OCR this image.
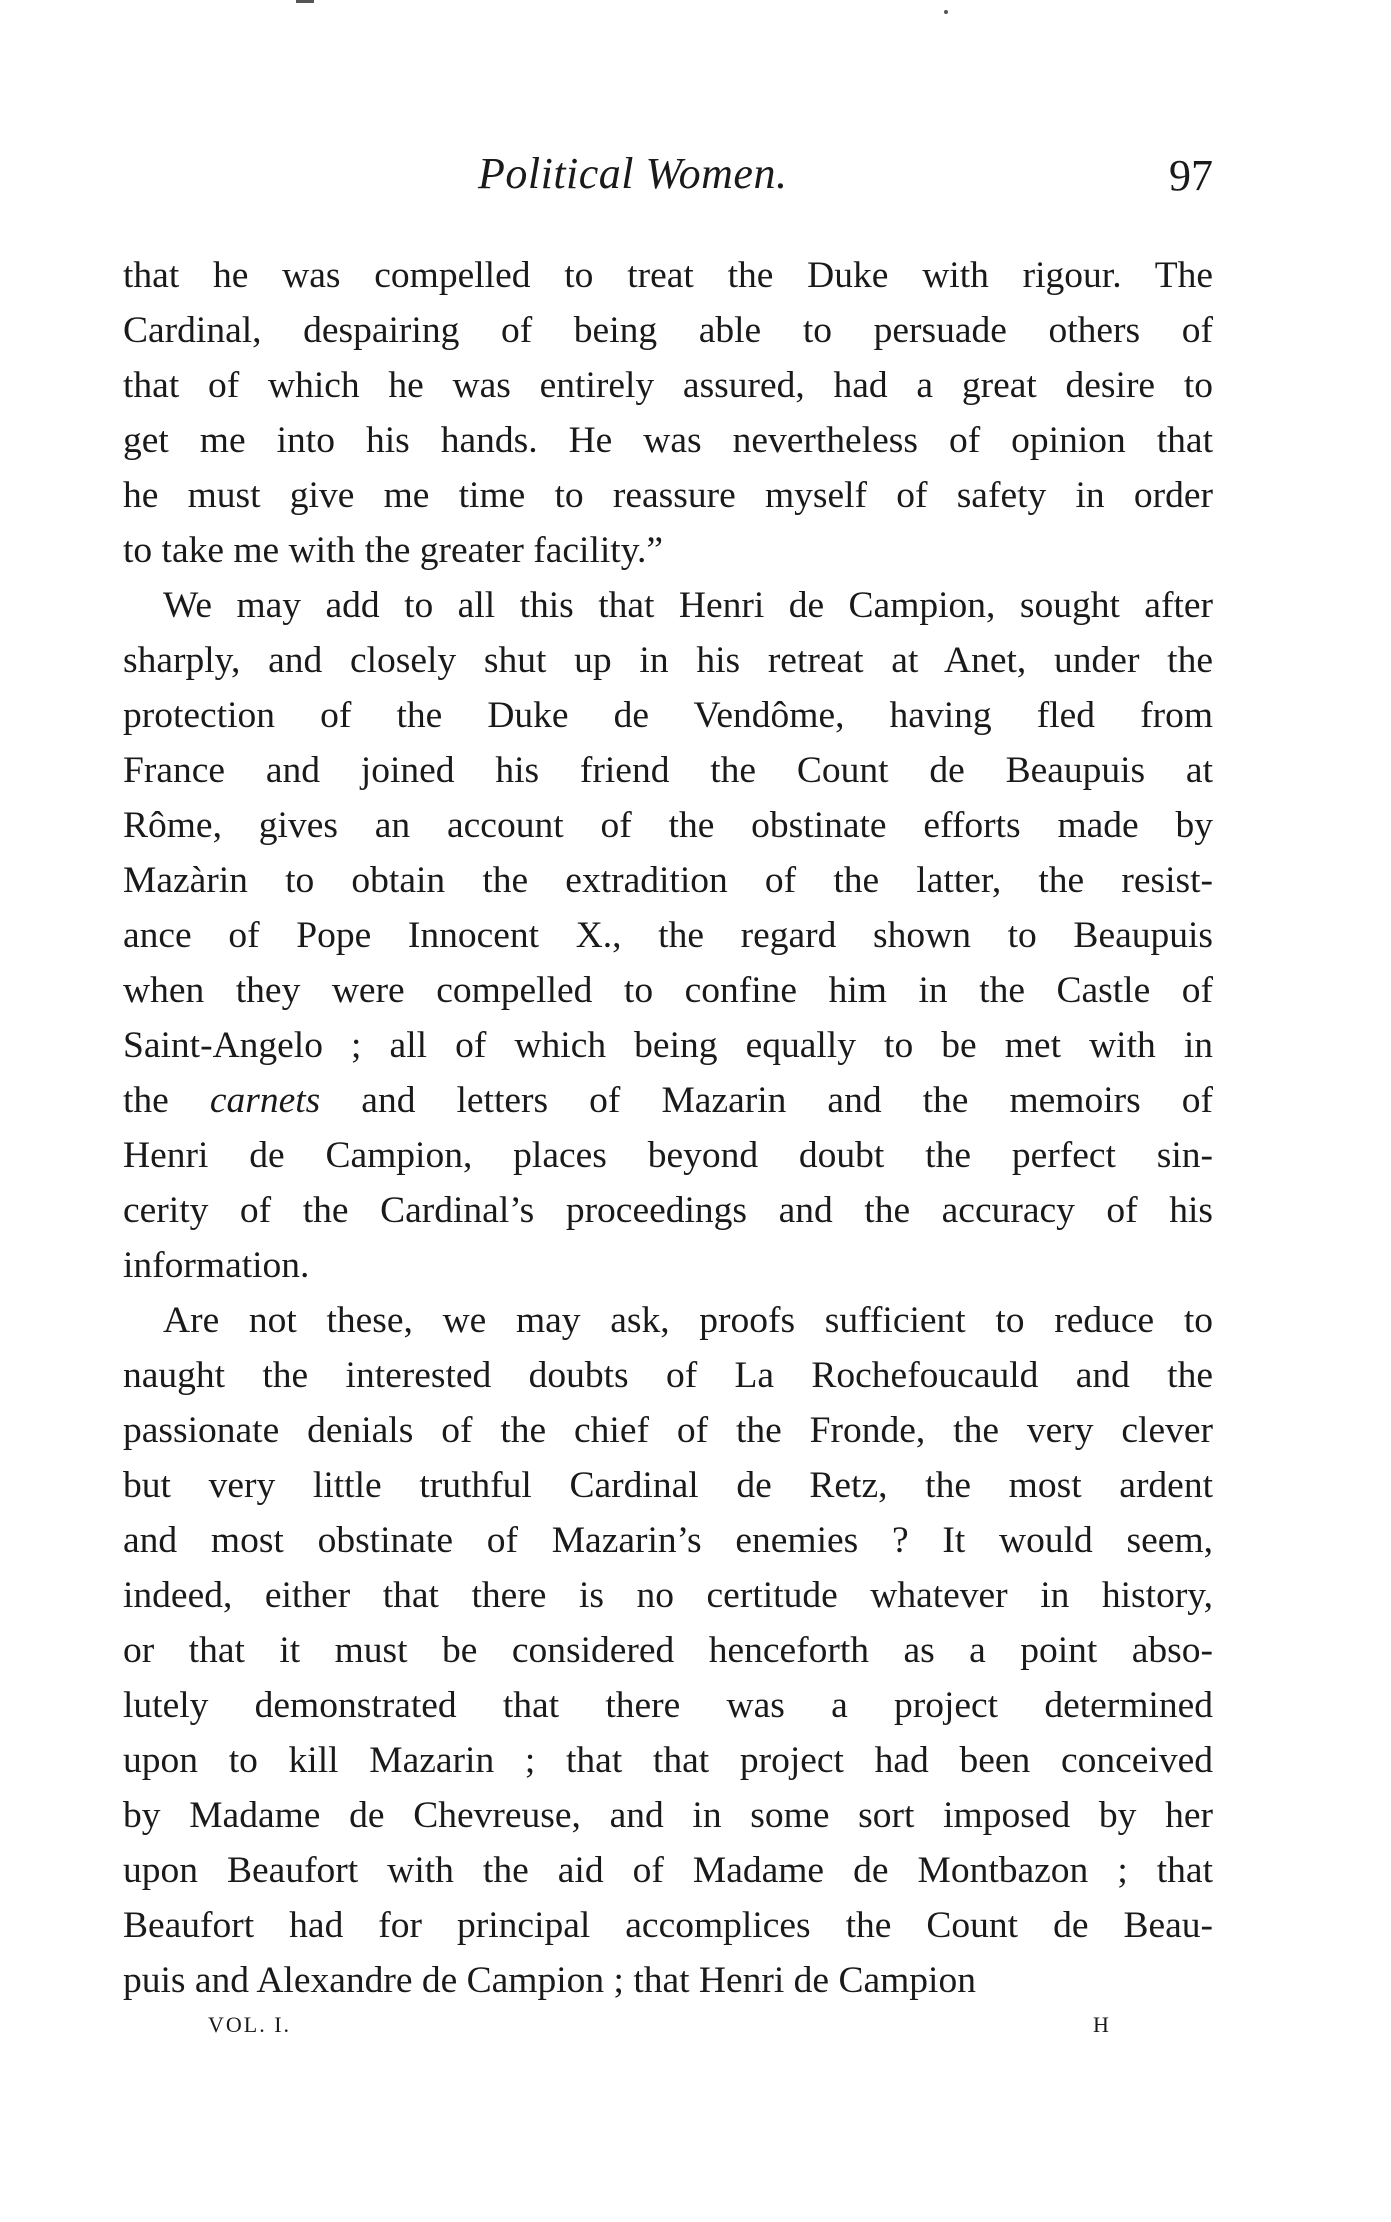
Political Women.	97
that he was compelled to treat the Duke with rigour. The
Cardinal, despairing of being able to persuade others of
that of which he was entirely assured, had a great desire to
get me into his hands. He was nevertheless of opinion that
he must give me time to reassure myself of safety in order
to take me with the greater facility.”
We may add to all this that Henri de Campion, sought after
sharply, and closely shut up in his retreat at Anet, under the
protection of the Duke de Vendôme, having fled from
France and joined his friend the Count de Beaupuis at
Rôme, gives an account of the obstinate efforts made by
Mazàrin to obtain the extradition of the latter, the resist-
ance of Pope Innocent X., the regard shown to Beaupuis
when they were compelled to confine him in the Castle of
Saint-Angelo ; all of which being equally to be met with in
the carnets and letters of Mazarin and the memoirs of
Henri de Campion, places beyond doubt the perfect sin-
cerity of the Cardinal’s proceedings and the accuracy of his
information.
Are not these, we may ask, proofs sufficient to reduce to
naught the interested doubts of La Rochefoucauld and the
passionate denials of the chief of the Fronde, the very clever
but very little truthful Cardinal de Retz, the most ardent
and most obstinate of Mazarin’s enemies ? It would seem,
indeed, either that there is no certitude whatever in history,
or that it must be considered henceforth as a point abso-
lutely demonstrated that there was a project determined
upon to kill Mazarin ; that that project had been conceived
by Madame de Chevreuse, and in some sort imposed by her
upon Beaufort with the aid of Madame de Montbazon ; that
Beaufort had for principal accomplices the Count de Beau-
puis and Alexandre de Campion ; that Henri de Campion
VOL. I.	H
